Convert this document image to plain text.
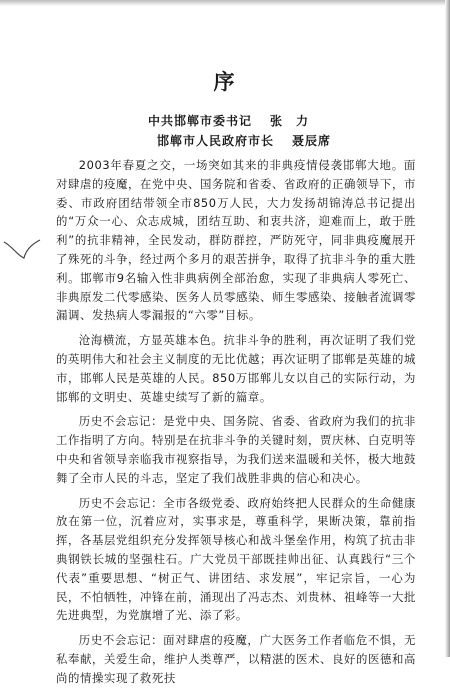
序
中共邯郸市委书记 张　力
邯郸市人民政府市长 聂辰席

2003年春夏之交，一场突如其来的非典疫情侵袭邯郸大地。面对肆虐的疫魔，在党中央、国务院和省委、省政府的正确领导下，市委、市政府团结带领全市850万人民，大力发扬胡锦涛总书记提出的“万众一心、众志成城，团结互助、和衷共济，迎难而上，敢于胜利”的抗非精神，全民发动，群防群控，严防死守，同非典疫魔展开了殊死的斗争，经过两个多月的艰苦拼争，取得了抗非斗争的重大胜利。邯郸市9名输入性非典病例全部治愈，实现了非典病人零死亡、非典原发二代零感染、医务人员零感染、师生零感染、接触者流调零漏调、发热病人零漏报的“六零”目标。

沧海横流，方显英雄本色。抗非斗争的胜利，再次证明了我们党的英明伟大和社会主义制度的无比优越；再次证明了邯郸是英雄的城市，邯郸人民是英雄的人民。850万邯郸儿女以自己的实际行动，为邯郸的文明史、英雄史续写了新的篇章。

历史不会忘记：是党中央、国务院、省委、省政府为我们的抗非工作指明了方向。特别是在抗非斗争的关键时刻，贾庆林、白克明等中央和省领导亲临我市视察指导，为我们送来温暖和关怀，极大地鼓舞了全市人民的斗志，坚定了我们战胜非典的信心和决心。

历史不会忘记：全市各级党委、政府始终把人民群众的生命健康放在第一位，沉着应对，实事求是，尊重科学，果断决策，靠前指挥，各基层党组织充分发挥领导核心和战斗堡垒作用，构筑了抗击非典钢铁长城的坚强柱石。广大党员干部既挂帅出征、认真践行“三个代表”重要思想、“树正气、讲团结、求发展”，牢记宗旨，一心为民，不怕牺牲，冲锋在前，涌现出了冯志杰、刘贵林、祖峰等一大批先进典型，为党旗增了光、添了彩。

历史不会忘记：面对肆虐的疫魔，广大医务工作者临危不惧，无私奉献，关爱生命，维护人类尊严，以精湛的医术、良好的医德和高尚的情操实现了救死扶
